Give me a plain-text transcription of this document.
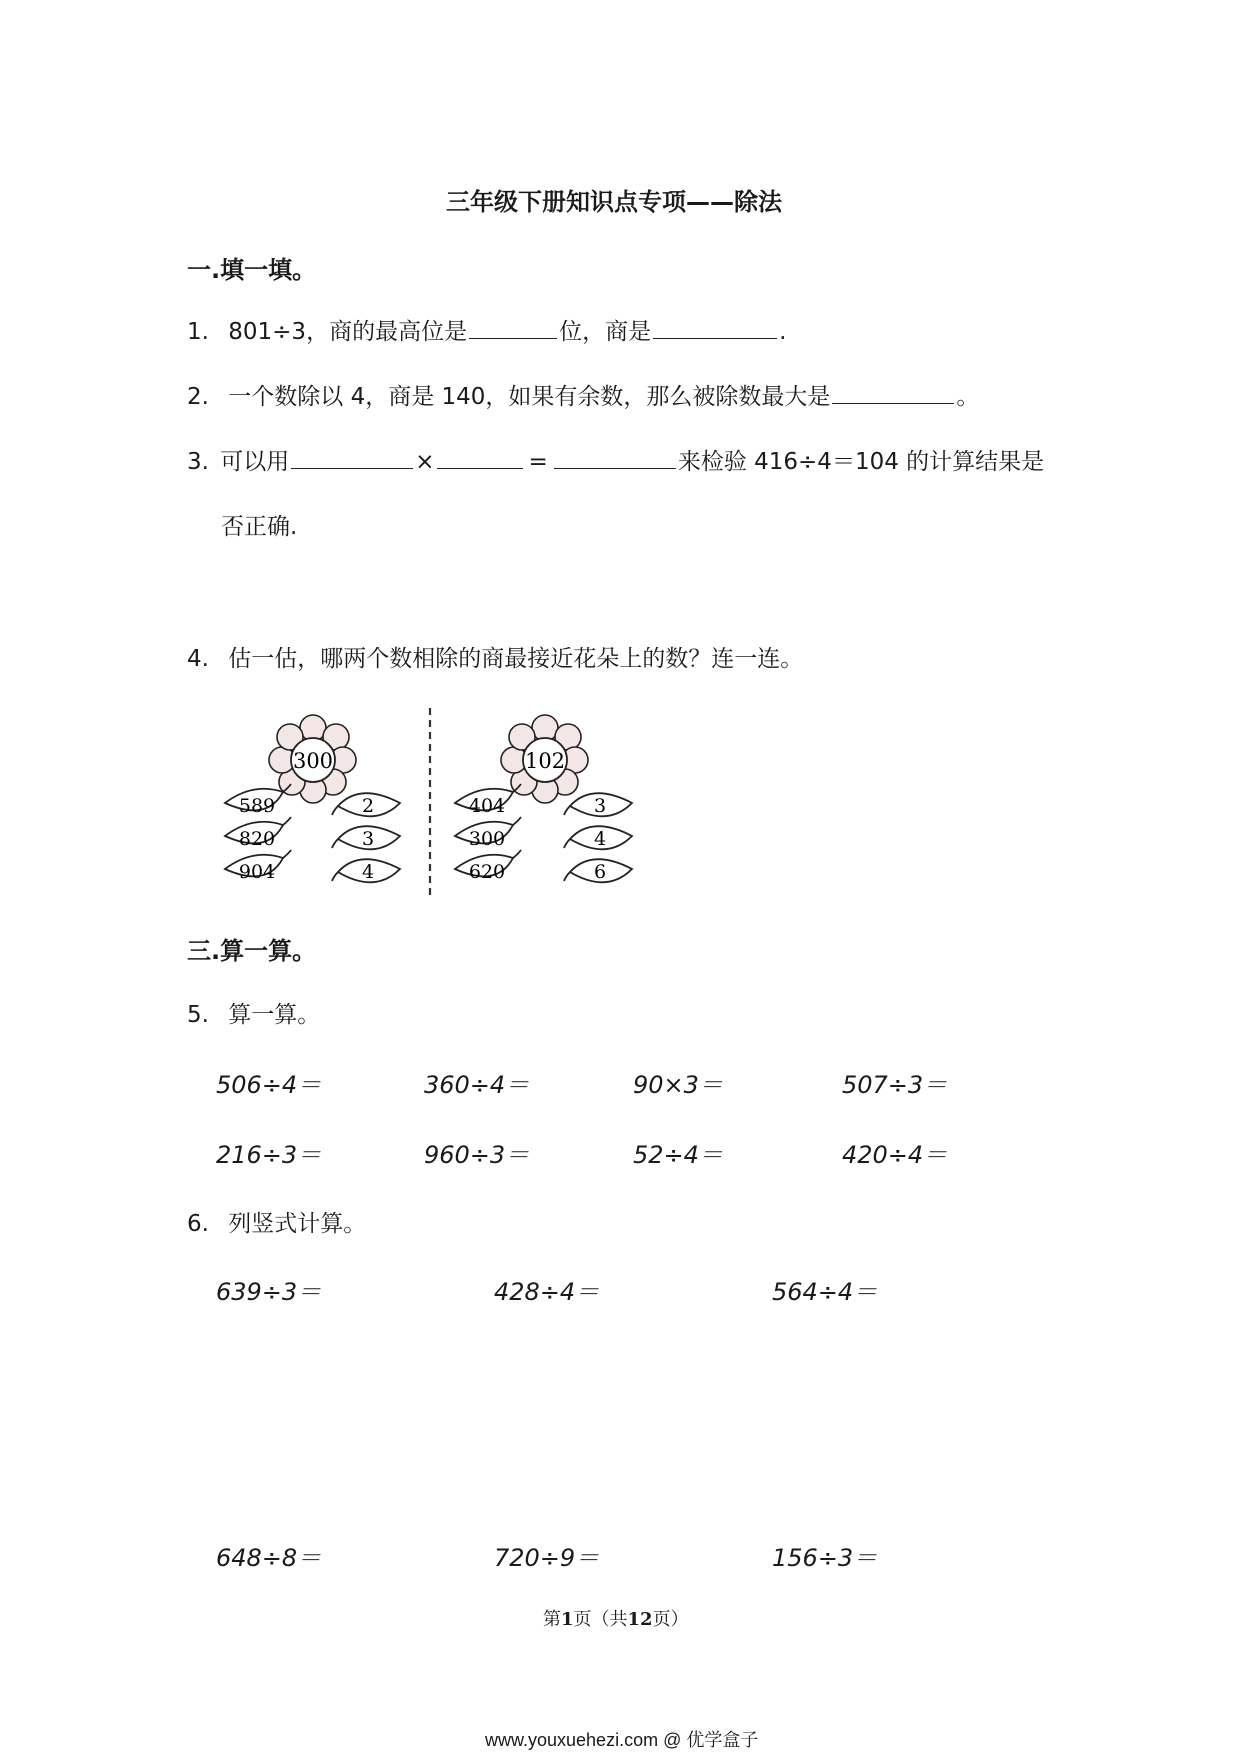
三年级下册知识点专项——除法
一.填一填。
1. 801÷3，商的最高位是	位，商是	.
2. 一个数除以 4，商是 140，如果有余数，那么被除数最大是	。
3. 可以用	×	=	来检验 416÷4＝104 的计算结果是
否正确.
4. 估一估，哪两个数相除的商最接近花朵上的数？连一连。
300	102
589
820
904
2
3
4
404
300
620
3
4
6
三.算一算。
5. 算一算。
506÷4＝	360÷4＝	90×3＝	507÷3＝
216÷3＝	960÷3＝	52÷4＝	420÷4＝
6. 列竖式计算。
639÷3＝	428÷4＝	564÷4＝
648÷8＝	720÷9＝	156÷3＝
第1页（共12页）
www.youxuehezi.com @ 优学盒子
